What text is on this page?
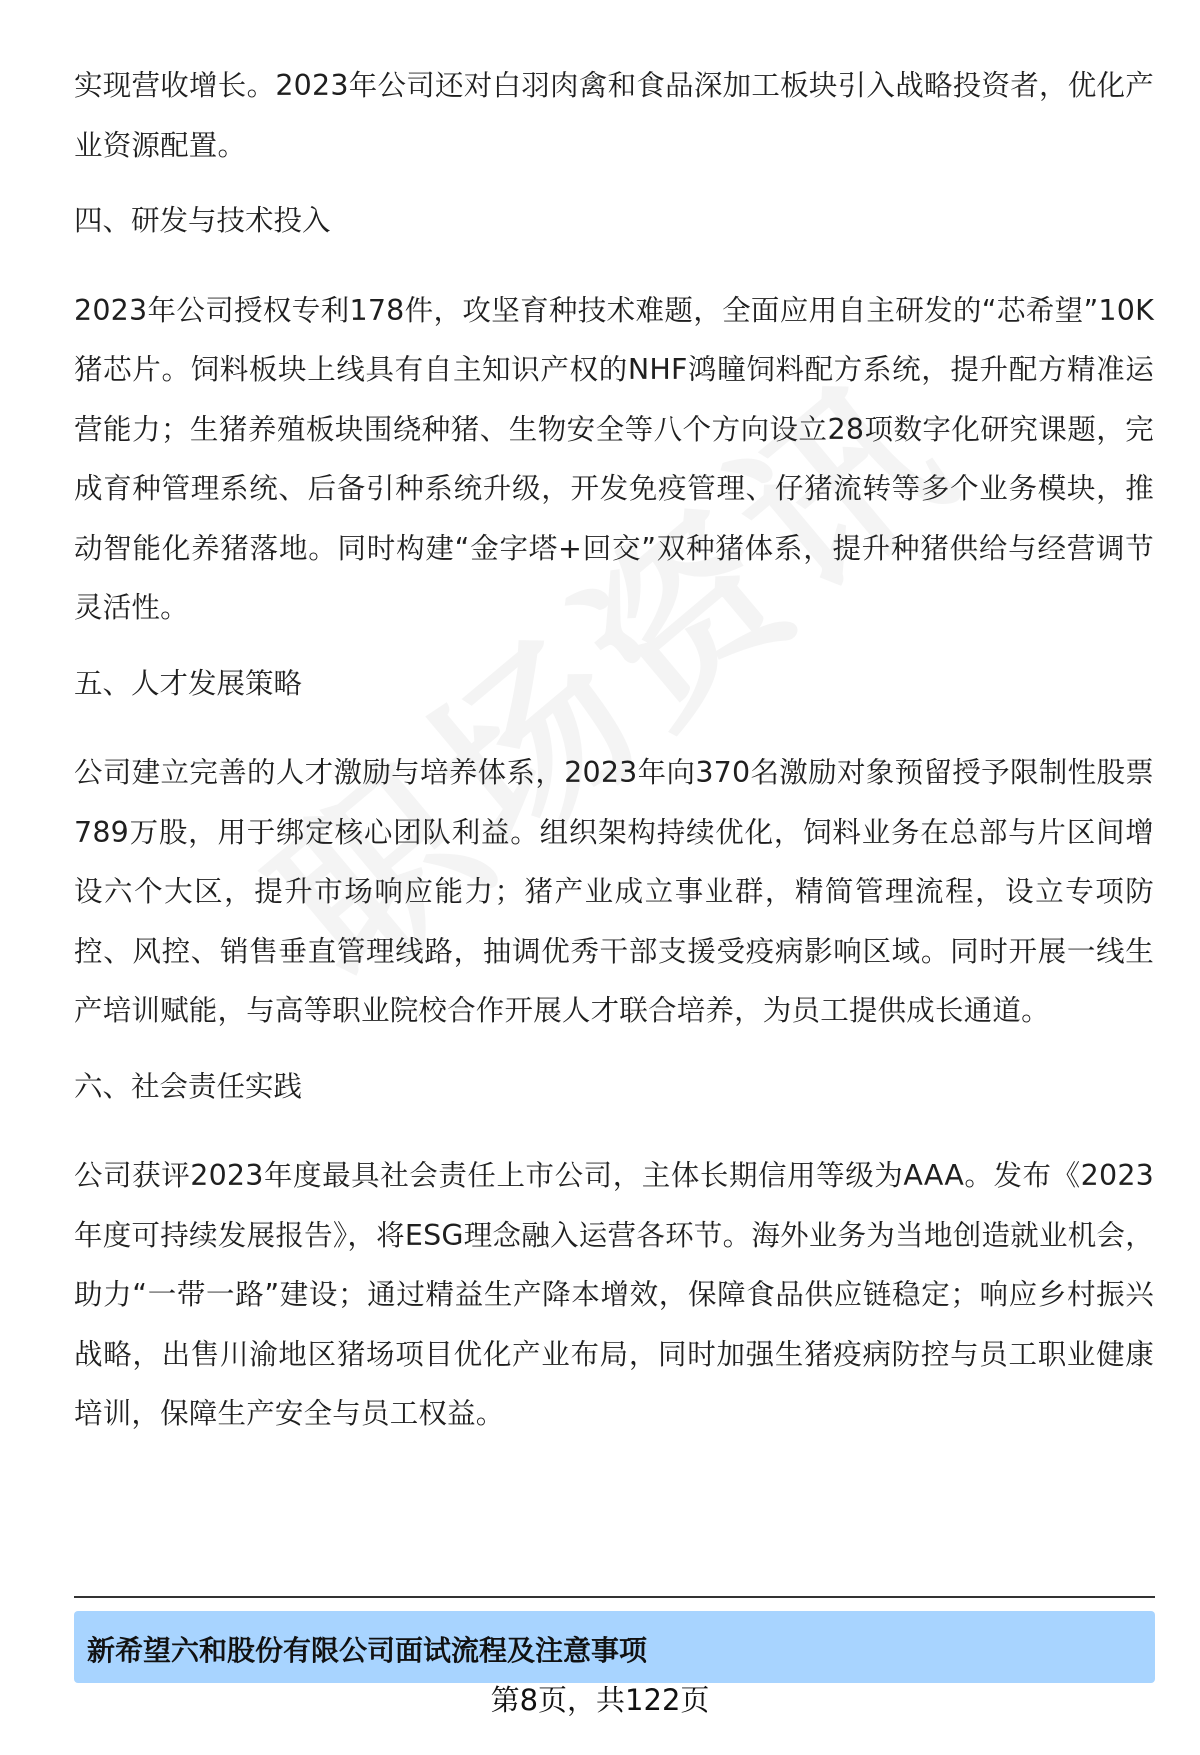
实现营收增长。2023年公司还对白羽肉禽和食品深加工板块引入战略投资者，优化产业资源配置。

四、研发与技术投入

2023年公司授权专利178件，攻坚育种技术难题，全面应用自主研发的“芯希望”10K猪芯片。饲料板块上线具有自主知识产权的NHF鸿瞳饲料配方系统，提升配方精准运营能力；生猪养殖板块围绕种猪、生物安全等八个方向设立28项数字化研究课题，完成育种管理系统、后备引种系统升级，开发免疫管理、仔猪流转等多个业务模块，推动智能化养猪落地。同时构建“金字塔+回交”双种猪体系，提升种猪供给与经营调节灵活性。

五、人才发展策略

公司建立完善的人才激励与培养体系，2023年向370名激励对象预留授予限制性股票789万股，用于绑定核心团队利益。组织架构持续优化，饲料业务在总部与片区间增设六个大区，提升市场响应能力；猪产业成立事业群，精简管理流程，设立专项防控、风控、销售垂直管理线路，抽调优秀干部支援受疫病影响区域。同时开展一线生产培训赋能，与高等职业院校合作开展人才联合培养，为员工提供成长通道。

六、社会责任实践

公司获评2023年度最具社会责任上市公司，主体长期信用等级为AAA。发布《2023年度可持续发展报告》，将ESG理念融入运营各环节。海外业务为当地创造就业机会，助力“一带一路”建设；通过精益生产降本增效，保障食品供应链稳定；响应乡村振兴战略，出售川渝地区猪场项目优化产业布局，同时加强生猪疫病防控与员工职业健康培训，保障生产安全与员工权益。

新希望六和股份有限公司面试流程及注意事项

第8页，共122页
